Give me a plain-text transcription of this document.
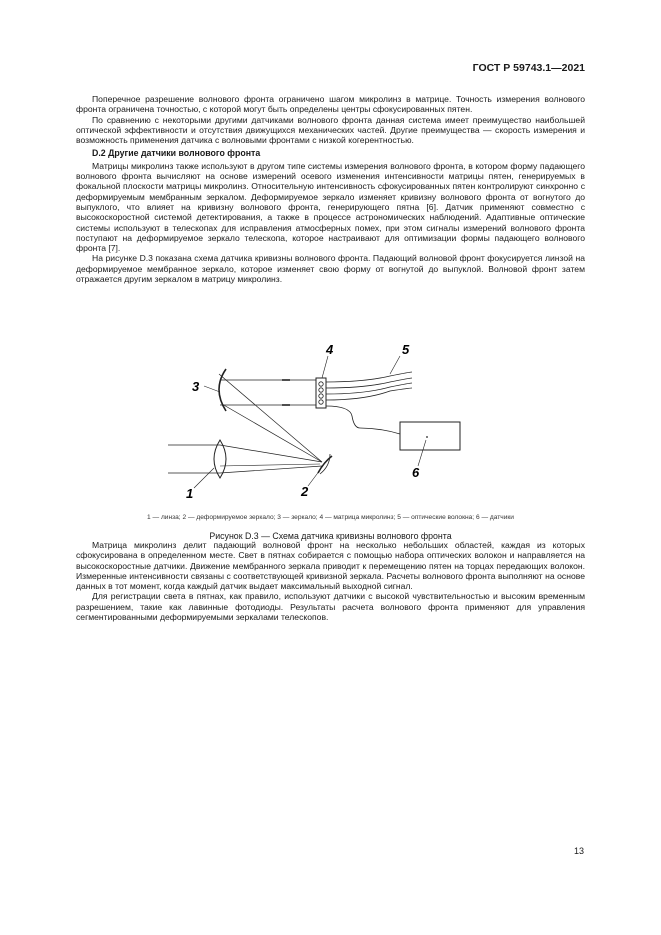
ГОСТ Р 59743.1—2021

Поперечное разрешение волнового фронта ограничено шагом микролинз в матрице. Точность измерения волнового фронта ограничена точностью, с которой могут быть определены центры сфокусированных пятен.

По сравнению с некоторыми другими датчиками волнового фронта данная система имеет преимущество наибольшей оптической эффективности и отсутствия движущихся механических частей. Другие преимущества — скорость измерения и возможность применения датчика с волновыми фронтами с низкой когерентностью.

D.2 Другие датчики волнового фронта

Матрицы микролинз также используют в другом типе системы измерения волнового фронта, в котором форму падающего волнового фронта вычисляют на основе измерений осевого изменения интенсивности матрицы пятен, генерируемых в фокальной плоскости матрицы микролинз. Относительную интенсивность сфокусированных пятен контролируют синхронно с деформируемым мембранным зеркалом. Деформируемое зеркало изменяет кривизну волнового фронта от вогнутого до выпуклого, что влияет на кривизну волнового фронта, генерирующего пятна [6]. Датчик применяют совместно с высокоскоростной системой детектирования, а также в процессе астрономических наблюдений. Адаптивные оптические системы используют в телескопах для исправления атмосферных помех, при этом сигналы измерений волнового фронта поступают на деформируемое зеркало телескопа, которое настраивают для оптимизации формы падающего волнового фронта [7].

На рисунке D.3 показана схема датчика кривизны волнового фронта. Падающий волновой фронт фокусируется линзой на деформируемое мембранное зеркало, которое изменяет свою форму от вогнутой до выпуклой. Волновой фронт затем отражается другим зеркалом в матрицу микролинз.

1	2
3
4	5
6
1 — линза; 2 — деформируемое зеркало; 3 — зеркало; 4 — матрица микролинз; 5 — оптические волокна; 6 — датчики
Рисунок D.3 — Схема датчика кривизны волнового фронта

Матрица микролинз делит падающий волновой фронт на несколько небольших областей, каждая из которых сфокусирована в определенном месте. Свет в пятнах собирается с помощью набора оптических волокон и направляется на высокоскоростные датчики. Движение мембранного зеркала приводит к перемещению пятен на торцах передающих волокон. Измеренные интенсивности связаны с соответствующей кривизной зеркала. Расчеты волнового фронта выполняют на основе данных в тот момент, когда каждый датчик выдает максимальный выходной сигнал.

Для регистрации света в пятнах, как правило, используют датчики с высокой чувствительностью и высоким временным разрешением, такие как лавинные фотодиоды. Результаты расчета волнового фронта применяют для управления сегментированными деформируемыми зеркалами телескопов.

13
